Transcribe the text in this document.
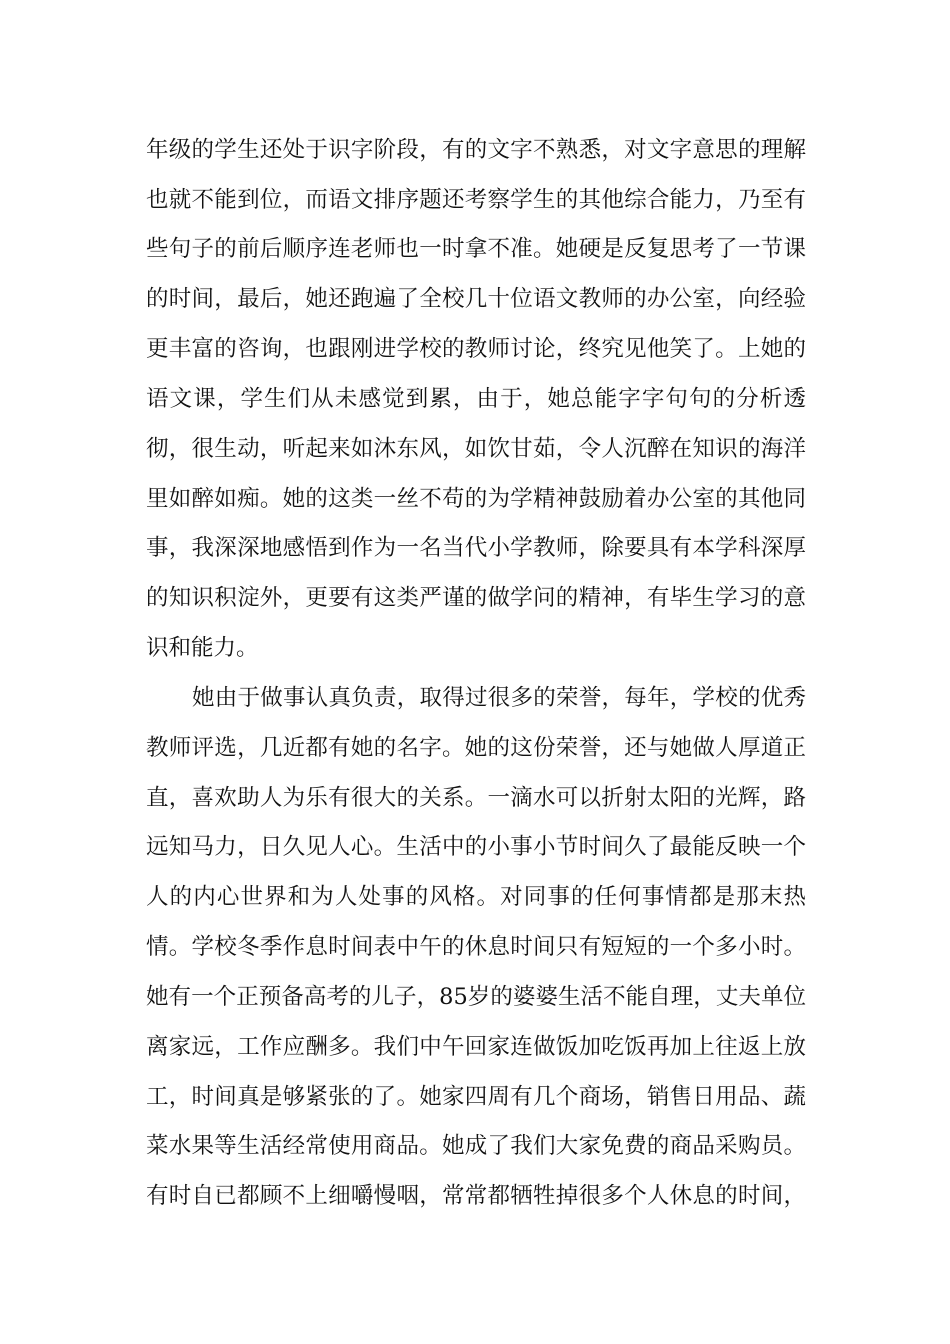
年级的学生还处于识字阶段，有的文字不熟悉，对文字意思的理解
也就不能到位，而语文排序题还考察学生的其他综合能力，乃至有
些句子的前后顺序连老师也一时拿不准。她硬是反复思考了一节课
的时间，最后，她还跑遍了全校几十位语文教师的办公室，向经验
更丰富的咨询，也跟刚进学校的教师讨论，终究见他笑了。上她的
语文课，学生们从未感觉到累，由于，她总能字字句句的分析透
彻，很生动，听起来如沐东风，如饮甘茹，令人沉醉在知识的海洋
里如醉如痴。她的这类一丝不苟的为学精神鼓励着办公室的其他同
事，我深深地感悟到作为一名当代小学教师，除要具有本学科深厚
的知识积淀外，更要有这类严谨的做学问的精神，有毕生学习的意
识和能力。
她由于做事认真负责，取得过很多的荣誉，每年，学校的优秀
教师评选，几近都有她的名字。她的这份荣誉，还与她做人厚道正
直，喜欢助人为乐有很大的关系。一滴水可以折射太阳的光辉，路
远知马力，日久见人心。生活中的小事小节时间久了最能反映一个
人的内心世界和为人处事的风格。对同事的任何事情都是那末热
情。学校冬季作息时间表中午的休息时间只有短短的一个多小时。
她有一个正预备高考的儿子，85岁的婆婆生活不能自理，丈夫单位
离家远，工作应酬多。我们中午回家连做饭加吃饭再加上往返上放
工，时间真是够紧张的了。她家四周有几个商场，销售日用品、蔬
菜水果等生活经常使用商品。她成了我们大家免费的商品采购员。
有时自已都顾不上细嚼慢咽，常常都牺牲掉很多个人休息的时间，
